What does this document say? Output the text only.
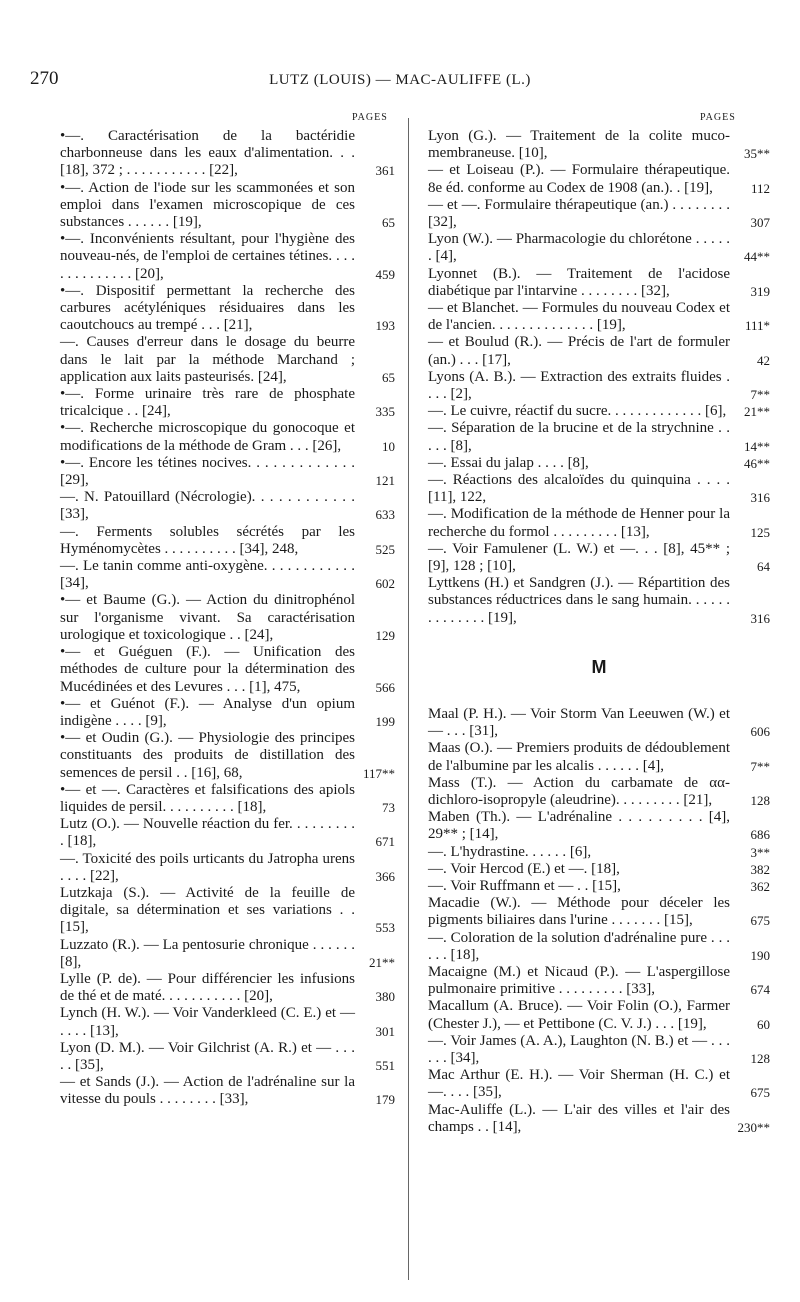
270	LUTZ (LOUIS) — MAC-AULIFFE (L.)
PAGES	PAGES
•—. Caractérisation de la bactéridie charbonneuse dans les eaux d'alimentation. . . [18], 372 ; . . . . . . . . . . . [22],	361
•—. Action de l'iode sur les scammonées et son emploi dans l'examen microscopique de ces substances . . . . . . [19],	65
•—. Inconvénients résultant, pour l'hygiène des nouveau-nés, de l'emploi de certaines tétines. . . . . . . . . . . . . . [20],	459
•—. Dispositif permettant la recherche des carbures acétyléniques résiduaires dans les caoutchoucs au trempé . . . [21],	193
—. Causes d'erreur dans le dosage du beurre dans le lait par la méthode Marchand ; application aux laits pasteurisés. [24],	65
•—. Forme urinaire très rare de phosphate tricalcique . . [24],	335
•—. Recherche microscopique du gonocoque et modifications de la méthode de Gram . . . [26],	10
•—. Encore les tétines nocives. . . . . . . . . . . . . [29],	121
—. N. Patouillard (Nécrologie). . . . . . . . . . . . [33],	633
—. Ferments solubles sécrétés par les Hyménomycètes . . . . . . . . . . [34], 248,	525
—. Le tanin comme anti-oxygène. . . . . . . . . . . . [34],	602
•— et Baume (G.). — Action du dinitrophénol sur l'organisme vivant. Sa caractérisation urologique et toxicologique . . [24],	129
•— et Guéguen (F.). — Unification des méthodes de culture pour la détermination des Mucédinées et des Levures . . . [1], 475,	566
•— et Guénot (F.). — Analyse d'un opium indigène . . . . [9],	199
•— et Oudin (G.). — Physiologie des principes constituants des produits de distillation des semences de persil . . [16], 68,	117**
•— et —. Caractères et falsifications des apiols liquides de persil. . . . . . . . . . [18],	73
Lutz (O.). — Nouvelle réaction du fer. . . . . . . . . . [18],	671
—. Toxicité des poils urticants du Jatropha urens . . . . [22],	366
Lutzkaja (S.). — Activité de la feuille de digitale, sa détermination et ses variations . . [15],	553
Luzzato (R.). — La pentosurie chronique . . . . . . [8],	21**
Lylle (P. de). — Pour différencier les infusions de thé et de maté. . . . . . . . . . . [20],	380
Lynch (H. W.). — Voir Vanderkleed (C. E.) et — . . . . [13],	301
Lyon (D. M.). — Voir Gilchrist (A. R.) et — . . . . . [35],	551
— et Sands (J.). — Action de l'adrénaline sur la vitesse du pouls . . . . . . . . [33],	179
Lyon (G.). — Traitement de la colite muco-membraneuse. [10],	35**
— et Loiseau (P.). — Formulaire thérapeutique. 8e éd. conforme au Codex de 1908 (an.). . [19],	112
— et —. Formulaire thérapeutique (an.) . . . . . . . . [32],	307
Lyon (W.). — Pharmacologie du chlorétone . . . . . . [4],	44**
Lyonnet (B.). — Traitement de l'acidose diabétique par l'intarvine . . . . . . . . [32],	319
— et Blanchet. — Formules du nouveau Codex et de l'ancien. . . . . . . . . . . . . . [19],	111*
— et Boulud (R.). — Précis de l'art de formuler (an.) . . . [17],	42
Lyons (A. B.). — Extraction des extraits fluides . . . . [2],	7**
—. Le cuivre, réactif du sucre. . . . . . . . . . . . . [6],	21**
—. Séparation de la brucine et de la strychnine . . . . . [8],	14**
—. Essai du jalap . . . . [8],	46**
—. Réactions des alcaloïdes du quinquina . . . . [11], 122,	316
—. Modification de la méthode de Henner pour la recherche du formol . . . . . . . . . [13],	125
—. Voir Famulener (L. W.) et —. . . [8], 45** ; [9], 128 ; [10],	64
Lyttkens (H.) et Sandgren (J.). — Répartition des substances réductrices dans le sang humain. . . . . . . . . . . . . . [19],	316
M
Maal (P. H.). — Voir Storm Van Leeuwen (W.) et — . . . [31],	606
Maas (O.). — Premiers produits de dédoublement de l'albumine par les alcalis . . . . . . [4],	7**
Mass (T.). — Action du carbamate de αα-dichloro-isopropyle (aleudrine). . . . . . . . . [21],	128
Maben (Th.). — L'adrénaline . . . . . . . . . [4], 29** ; [14],	686
—. L'hydrastine. . . . . . [6],	3**
—. Voir Hercod (E.) et —. [18],	382
—. Voir Ruffmann et — . . [15],	362
Macadie (W.). — Méthode pour déceler les pigments biliaires dans l'urine . . . . . . . [15],	675
—. Coloration de la solution d'adrénaline pure . . . . . . [18],	190
Macaigne (M.) et Nicaud (P.). — L'aspergillose pulmonaire primitive . . . . . . . . . [33],	674
Macallum (A. Bruce). — Voir Folin (O.), Farmer (Chester J.), — et Pettibone (C. V. J.) . . . [19],	60
—. Voir James (A. A.), Laughton (N. B.) et — . . . . . . [34],	128
Mac Arthur (E. H.). — Voir Sherman (H. C.) et —. . . . [35],	675
Mac-Auliffe (L.). — L'air des villes et l'air des champs . . [14],	230**
